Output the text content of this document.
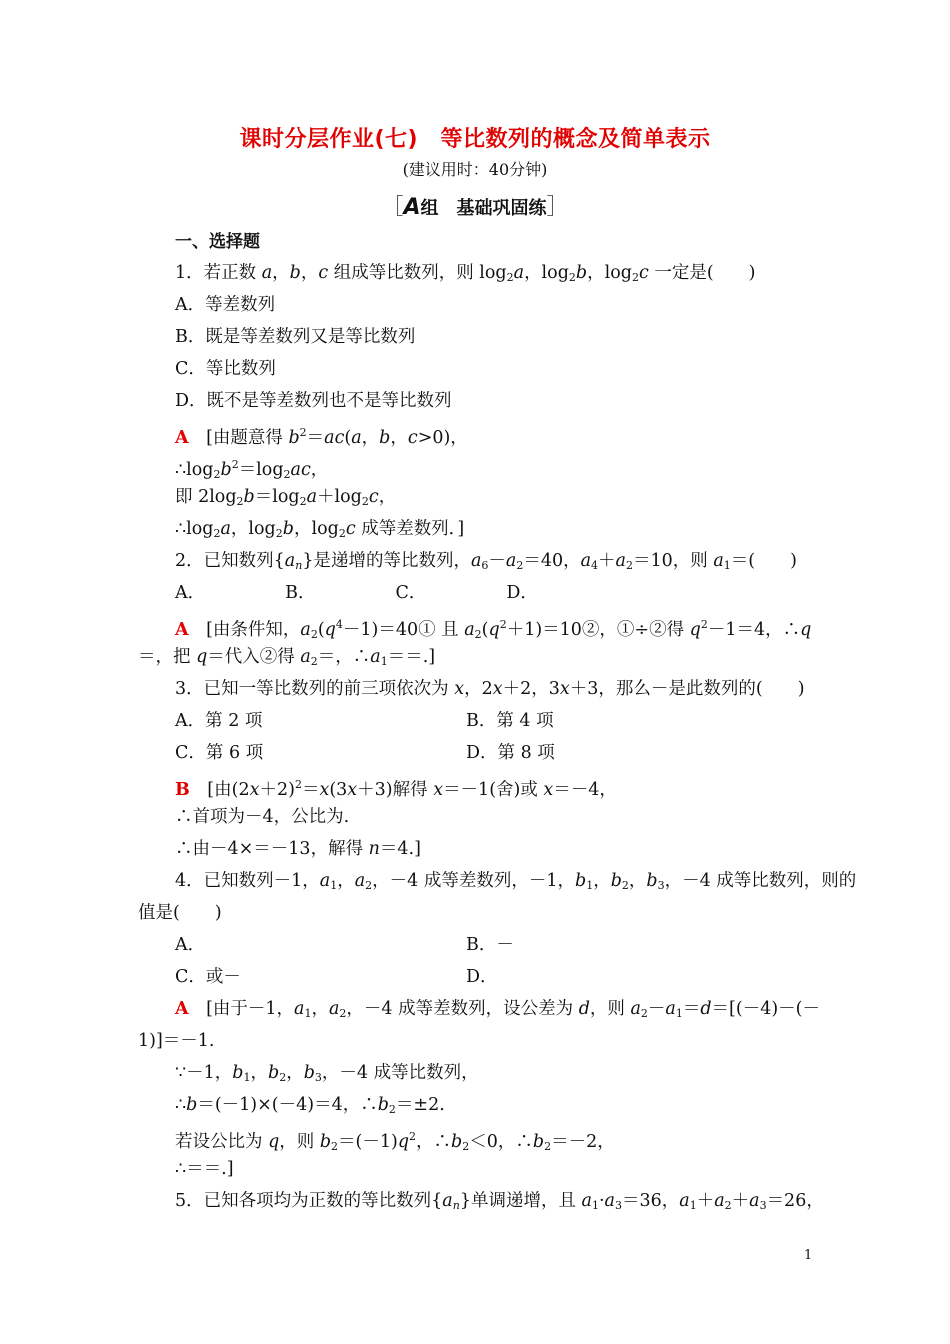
课时分层作业(七)　等比数列的概念及简单表示
(建议用时：40分钟)
［A组　基础巩固练］
一、选择题
1．若正数 a，b，c 组成等比数列，则 $\log_2a$，$\log_2b$，$\log_2c$ 一定是(　　)
A．等差数列
B．既是等差数列又是等比数列
C．等比数列
D．既不是等差数列也不是等比数列
A　[由题意得 $b^2=ac(a$，b，c>0)，
$\therefore\log_2b^2=\log_2ac$，
即 $2\log_2b=\log_2a+\log_2c$，
$\therefore\log_2a$，$\log_2b$，$\log_2c$ 成等差数列．]
2．已知数列$\{a_n\}$是递增的等比数列，$a_6-a_2=40$，$a_4+a_2=10$，则 $a_1=$(　　)
A．	B．	C．	D．
A　[由条件知，$a_2(q^4-1)=40①$ 且 $a_2(q^2+1)=10②$，①÷②得 $q^2-1=4$，∴q
＝，把 q＝代入②得 $a_2=$，$\therefore a_1==$.]
3．已知一等比数列的前三项依次为 x，2x＋2，3x＋3，那么－是此数列的(　　)
A．第 2 项	B．第 4 项
C．第 6 项	D．第 8 项
B　[由$(2x+2)^2=x(3x+3)$解得 x＝－1(舍)或 x＝－4，
∴首项为－4，公比为.
∴由－4×＝－13，解得 n＝4.]
4．已知数列－1，$a_1$，$a_2$，－4 成等差数列，－1，$b_1$，$b_2$，$b_3$，－4 成等比数列，则的
值是(　　)
A．	B．－
C．或－	D．
A　[由于－1，$a_1$，$a_2$，－4 成等差数列，设公差为 d，则 $a_2-a_1=d=[(-4)-(-$
1)]＝－1.
∵－1，$b_1$，$b_2$，$b_3$，－4 成等比数列，
∴b＝(－1)×(－4)＝4，$\therefore b_2=\pm 2$.
若设公比为 q，则 $b_2=(-1)q^2$，$\therefore b_2<0$，$\therefore b_2=-2$，
∴＝＝.]
5．已知各项均为正数的等比数列$\{a_n\}$单调递增，且 $a_1\cdot a_3=36$，$a_1+a_2+a_3=26$，
1
